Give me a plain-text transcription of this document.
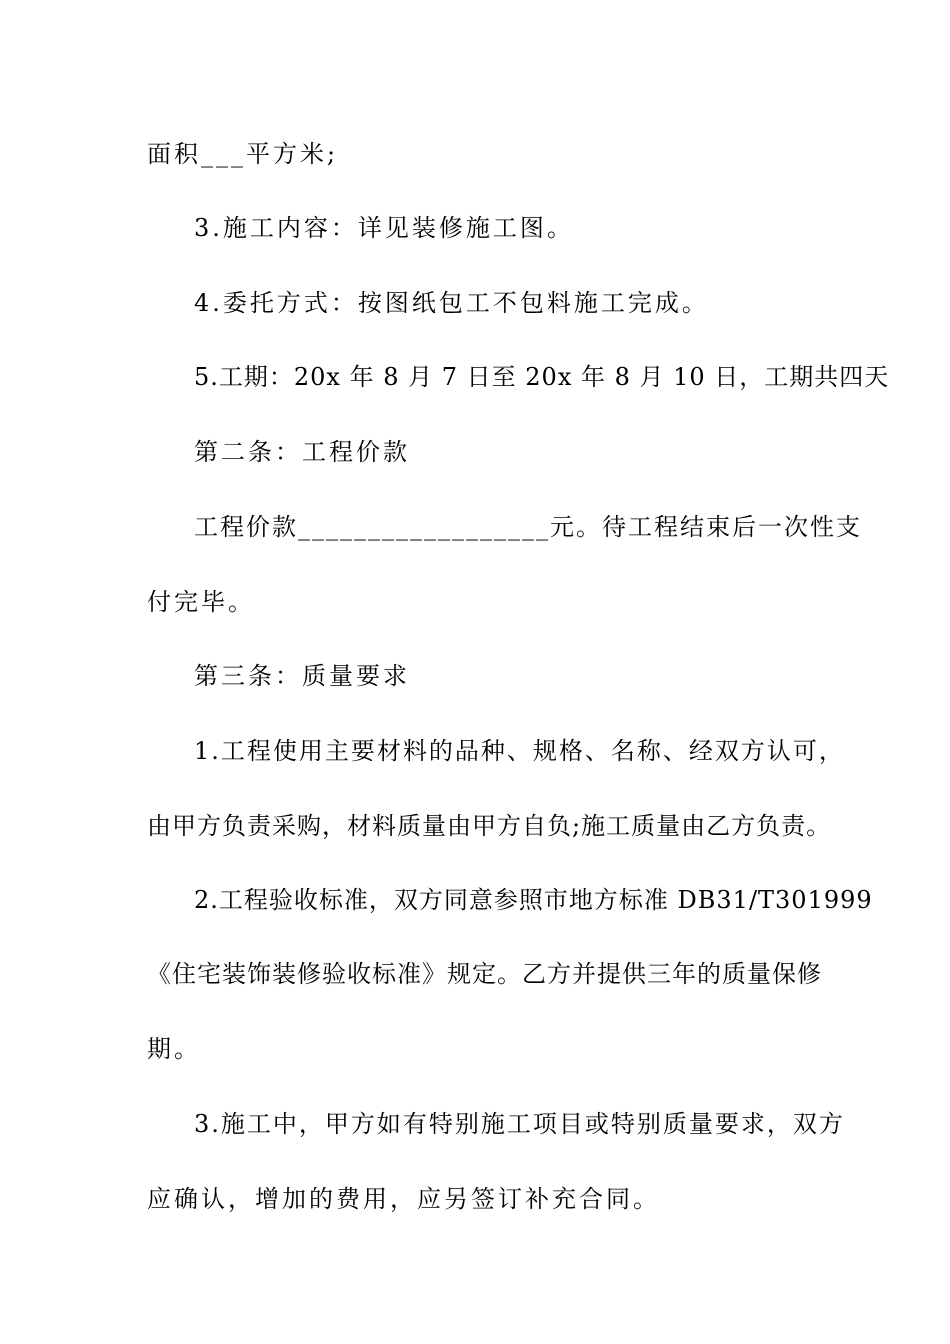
面积___平方米;
3.施工内容：详见装修施工图。
4.委托方式：按图纸包工不包料施工完成。
5.工期：20x 年 8 月 7 日至 20x 年 8 月 10 日，工期共四天
第二条：工程价款
工程价款__________________元。待工程结束后一次性支
付完毕。
第三条：质量要求
1.工程使用主要材料的品种、规格、名称、经双方认可，
由甲方负责采购，材料质量由甲方自负;施工质量由乙方负责。
2.工程验收标准，双方同意参照市地方标准 DB31/T301999
《住宅装饰装修验收标准》规定。乙方并提供三年的质量保修
期。
3.施工中，甲方如有特别施工项目或特别质量要求，双方
应确认，增加的费用，应另签订补充合同。
